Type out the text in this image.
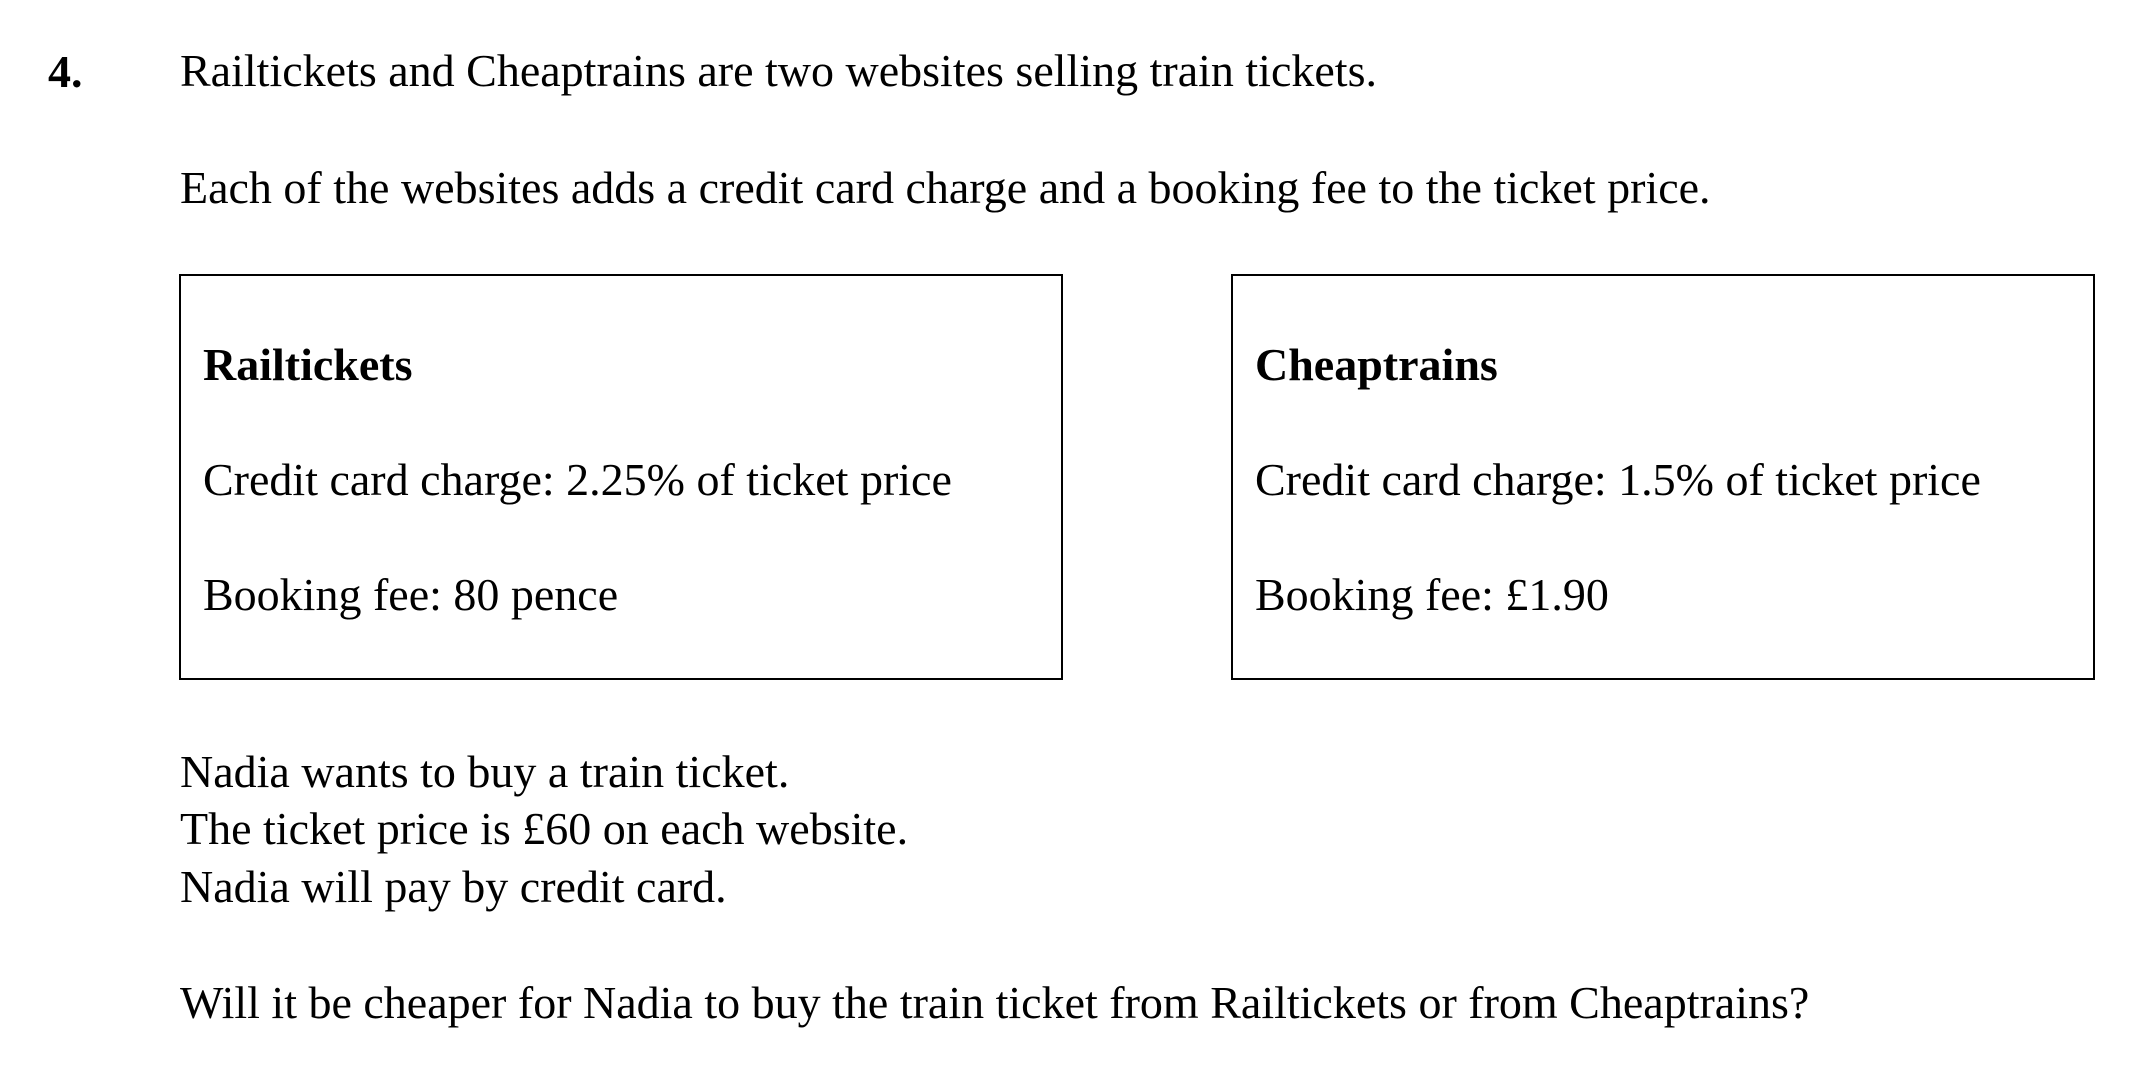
4. Railtickets and Cheaptrains are two websites selling train tickets.
Each of the websites adds a credit card charge and a booking fee to the ticket price.
Railtickets
Credit card charge: 2.25% of ticket price
Booking fee: 80 pence
Cheaptrains
Credit card charge: 1.5% of ticket price
Booking fee: £1.90
Nadia wants to buy a train ticket.
The ticket price is £60 on each website.
Nadia will pay by credit card.
Will it be cheaper for Nadia to buy the train ticket from Railtickets or from Cheaptrains?
